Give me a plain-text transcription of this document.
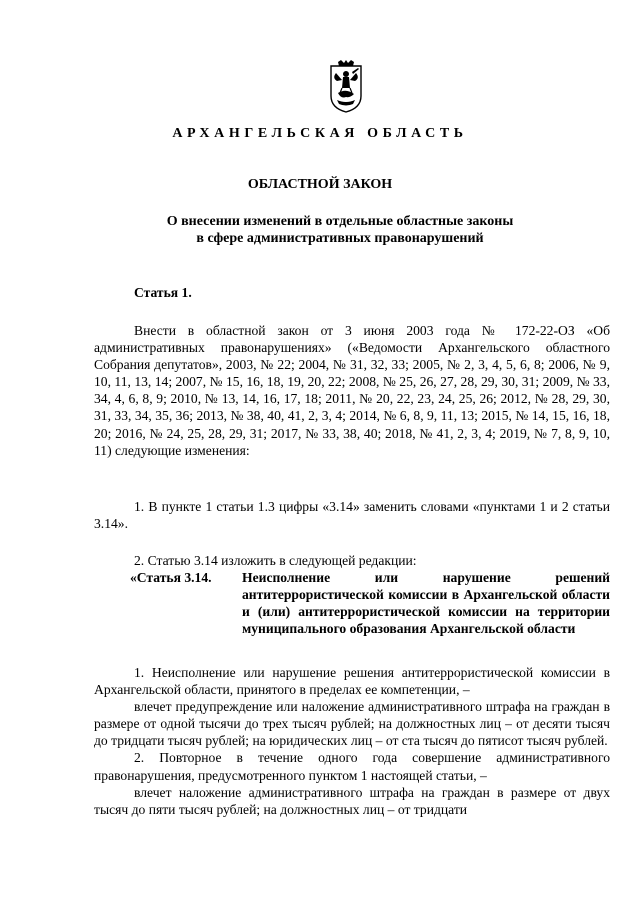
АРХАНГЕЛЬСКАЯ ОБЛАСТЬ
ОБЛАСТНОЙ ЗАКОН
О внесении изменений в отдельные областные законы
в сфере административных правонарушений
Статья 1.

Внести в областной закон от 3 июня 2003 года № 172-22-ОЗ «Об административных правонарушениях» («Ведомости Архангельского областного Собрания депутатов», 2003, № 22; 2004, № 31, 32, 33; 2005, № 2, 3, 4, 5, 6, 8; 2006, № 9, 10, 11, 13, 14; 2007, № 15, 16, 18, 19, 20, 22; 2008, № 25, 26, 27, 28, 29, 30, 31; 2009, № 33, 34, 4, 6, 8, 9; 2010, № 13, 14, 16, 17, 18; 2011, № 20, 22, 23, 24, 25, 26; 2012, № 28, 29, 30, 31, 33, 34, 35, 36; 2013, № 38, 40, 41, 2, 3, 4; 2014, № 6, 8, 9, 11, 13; 2015, № 14, 15, 16, 18, 20; 2016, № 24, 25, 28, 29, 31; 2017, № 33, 38, 40; 2018, № 41, 2, 3, 4; 2019, № 7, 8, 9, 10, 11) следующие изменения:

1. В пункте 1 статьи 1.3 цифры «3.14» заменить словами «пунктами 1 и 2 статьи 3.14».

2. Статью 3.14 изложить в следующей редакции:

«Статья 3.14. Неисполнение или нарушение решений антитеррористической комиссии в Архангельской области и (или) антитеррористической комиссии на территории муниципального образования Архангельской области

1. Неисполнение или нарушение решения антитеррористической комиссии в Архангельской области, принятого в пределах ее компетенции, –

влечет предупреждение или наложение административного штрафа на граждан в размере от одной тысячи до трех тысяч рублей; на должностных лиц – от десяти тысяч до тридцати тысяч рублей; на юридических лиц – от ста тысяч до пятисот тысяч рублей.

2. Повторное в течение одного года совершение административного правонарушения, предусмотренного пунктом 1 настоящей статьи, –

влечет наложение административного штрафа на граждан в размере от двух тысяч до пяти тысяч рублей; на должностных лиц – от тридцати
